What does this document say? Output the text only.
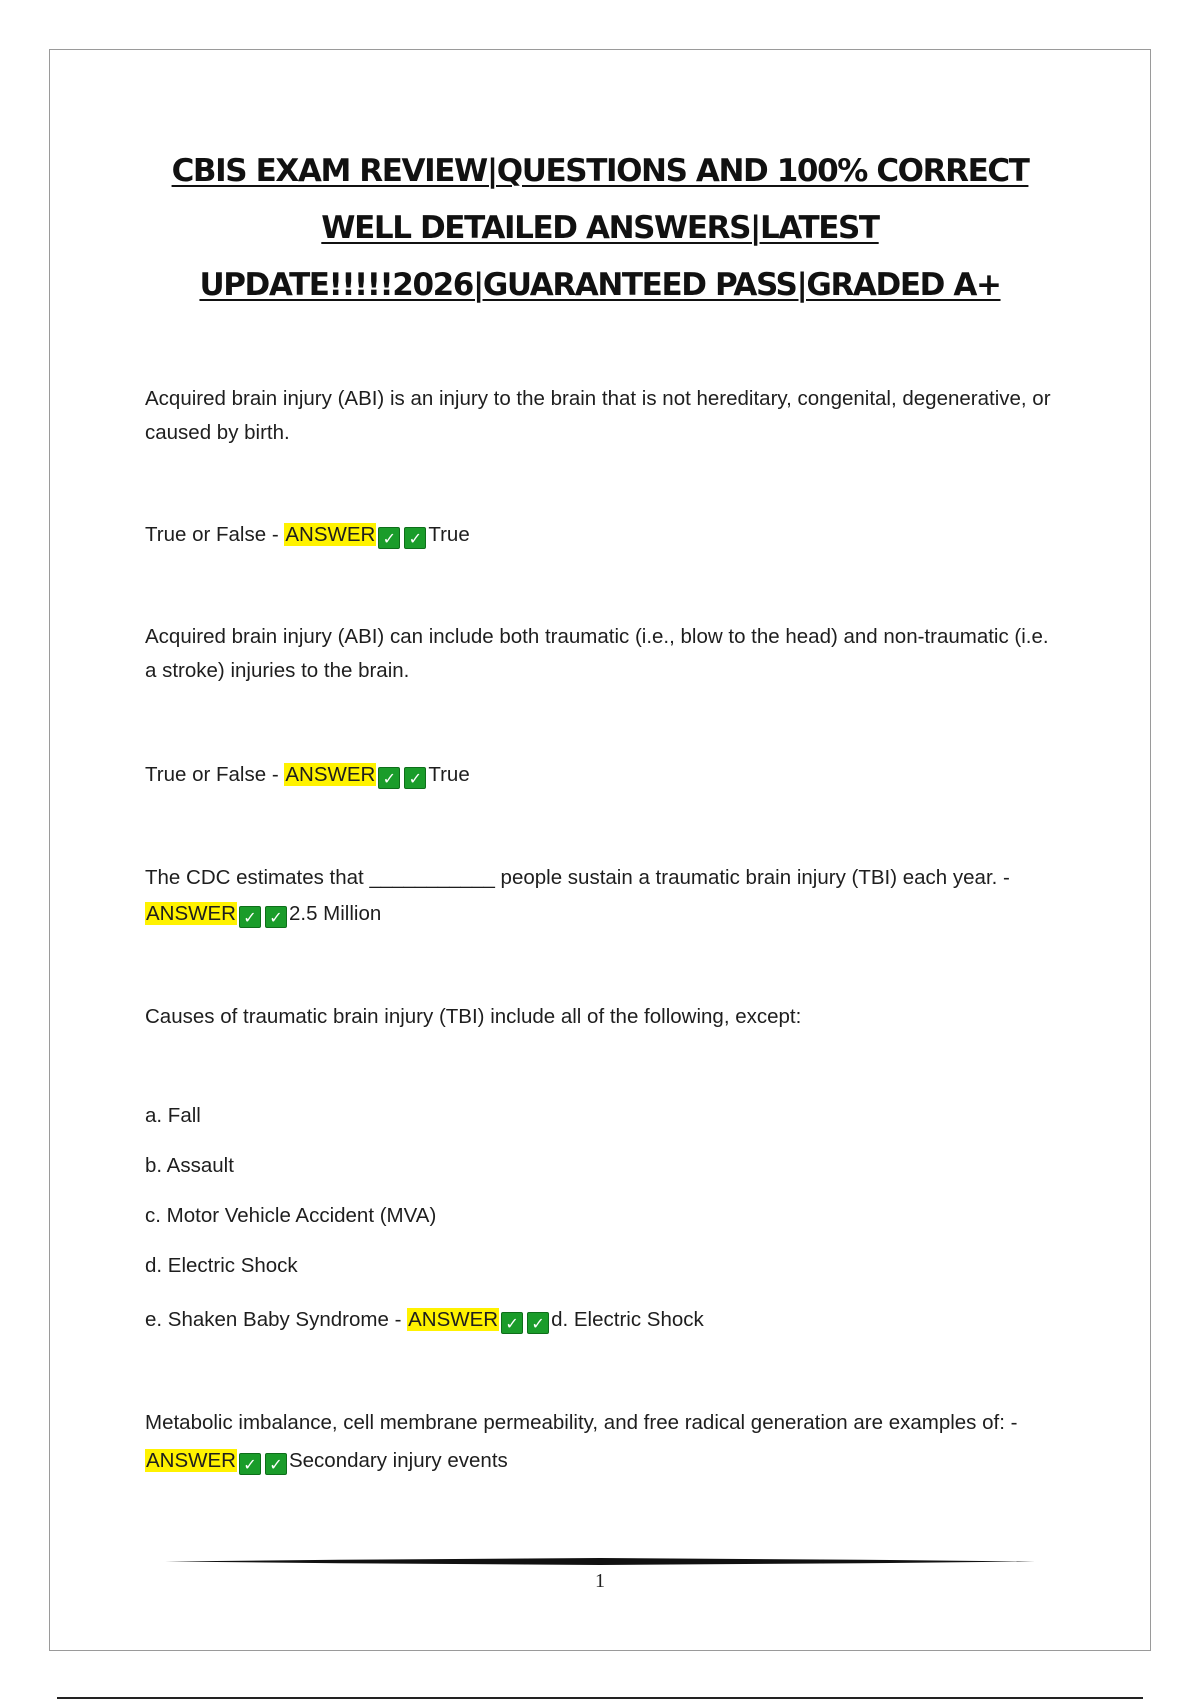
CBIS EXAM REVIEW|QUESTIONS AND 100% CORRECT
WELL DETAILED ANSWERS|LATEST
UPDATE!!!!!2026|GUARANTEED PASS|GRADED A+

Acquired brain injury (ABI) is an injury to the brain that is not hereditary, congenital, degenerative, or caused by birth.

True or False - ANSWER ✓ ✓ True

Acquired brain injury (ABI) can include both traumatic (i.e., blow to the head) and non-traumatic (i.e. a stroke) injuries to the brain.

True or False - ANSWER ✓ ✓ True

The CDC estimates that ___________ people sustain a traumatic brain injury (TBI) each year. - ANSWER ✓ ✓ 2.5 Million

Causes of traumatic brain injury (TBI) include all of the following, except:

a. Fall

b. Assault

c. Motor Vehicle Accident (MVA)

d. Electric Shock

e. Shaken Baby Syndrome - ANSWER ✓ ✓ d. Electric Shock

Metabolic imbalance, cell membrane permeability, and free radical generation are examples of: - ANSWER ✓ ✓ Secondary injury events

1
